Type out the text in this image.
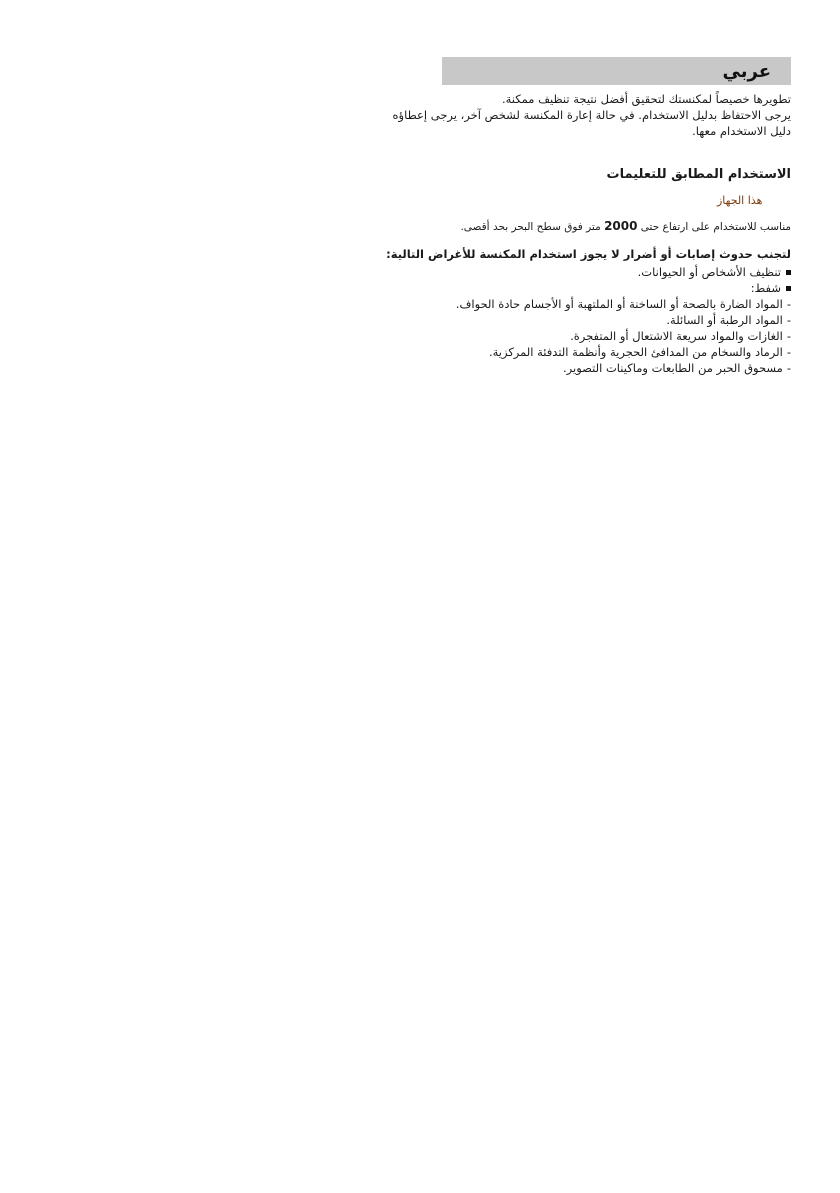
عربي

تطويرها خصيصاً لمكنستك لتحقيق أفضل نتيجة تنظيف ممكنة.

يرجى الاحتفاظ بدليل الاستخدام. في حالة إعارة المكنسة لشخص آخر، يرجى إعطاؤه دليل الاستخدام معها.

الاستخدام المطابق للتعليمات
هذا الجهاز
مناسب للاستخدام على ارتفاع حتى 2000 متر فوق سطح البحر بحد أقصى.
لتجنب حدوث إصابات أو أضرار لا يجوز استخدام المكنسة للأغراض التالية:
تنظيف الأشخاص أو الحيوانات.
شفط:
-المواد الضارة بالصحة أو الساخنة أو الملتهبة أو الأجسام حادة الحواف.
-المواد الرطبة أو السائلة.
-الغازات والمواد سريعة الاشتعال أو المتفجرة.
-الرماد والسخام من المدافئ الحجرية وأنظمة التدفئة المركزية.
-مسحوق الحبر من الطابعات وماكينات التصوير.
